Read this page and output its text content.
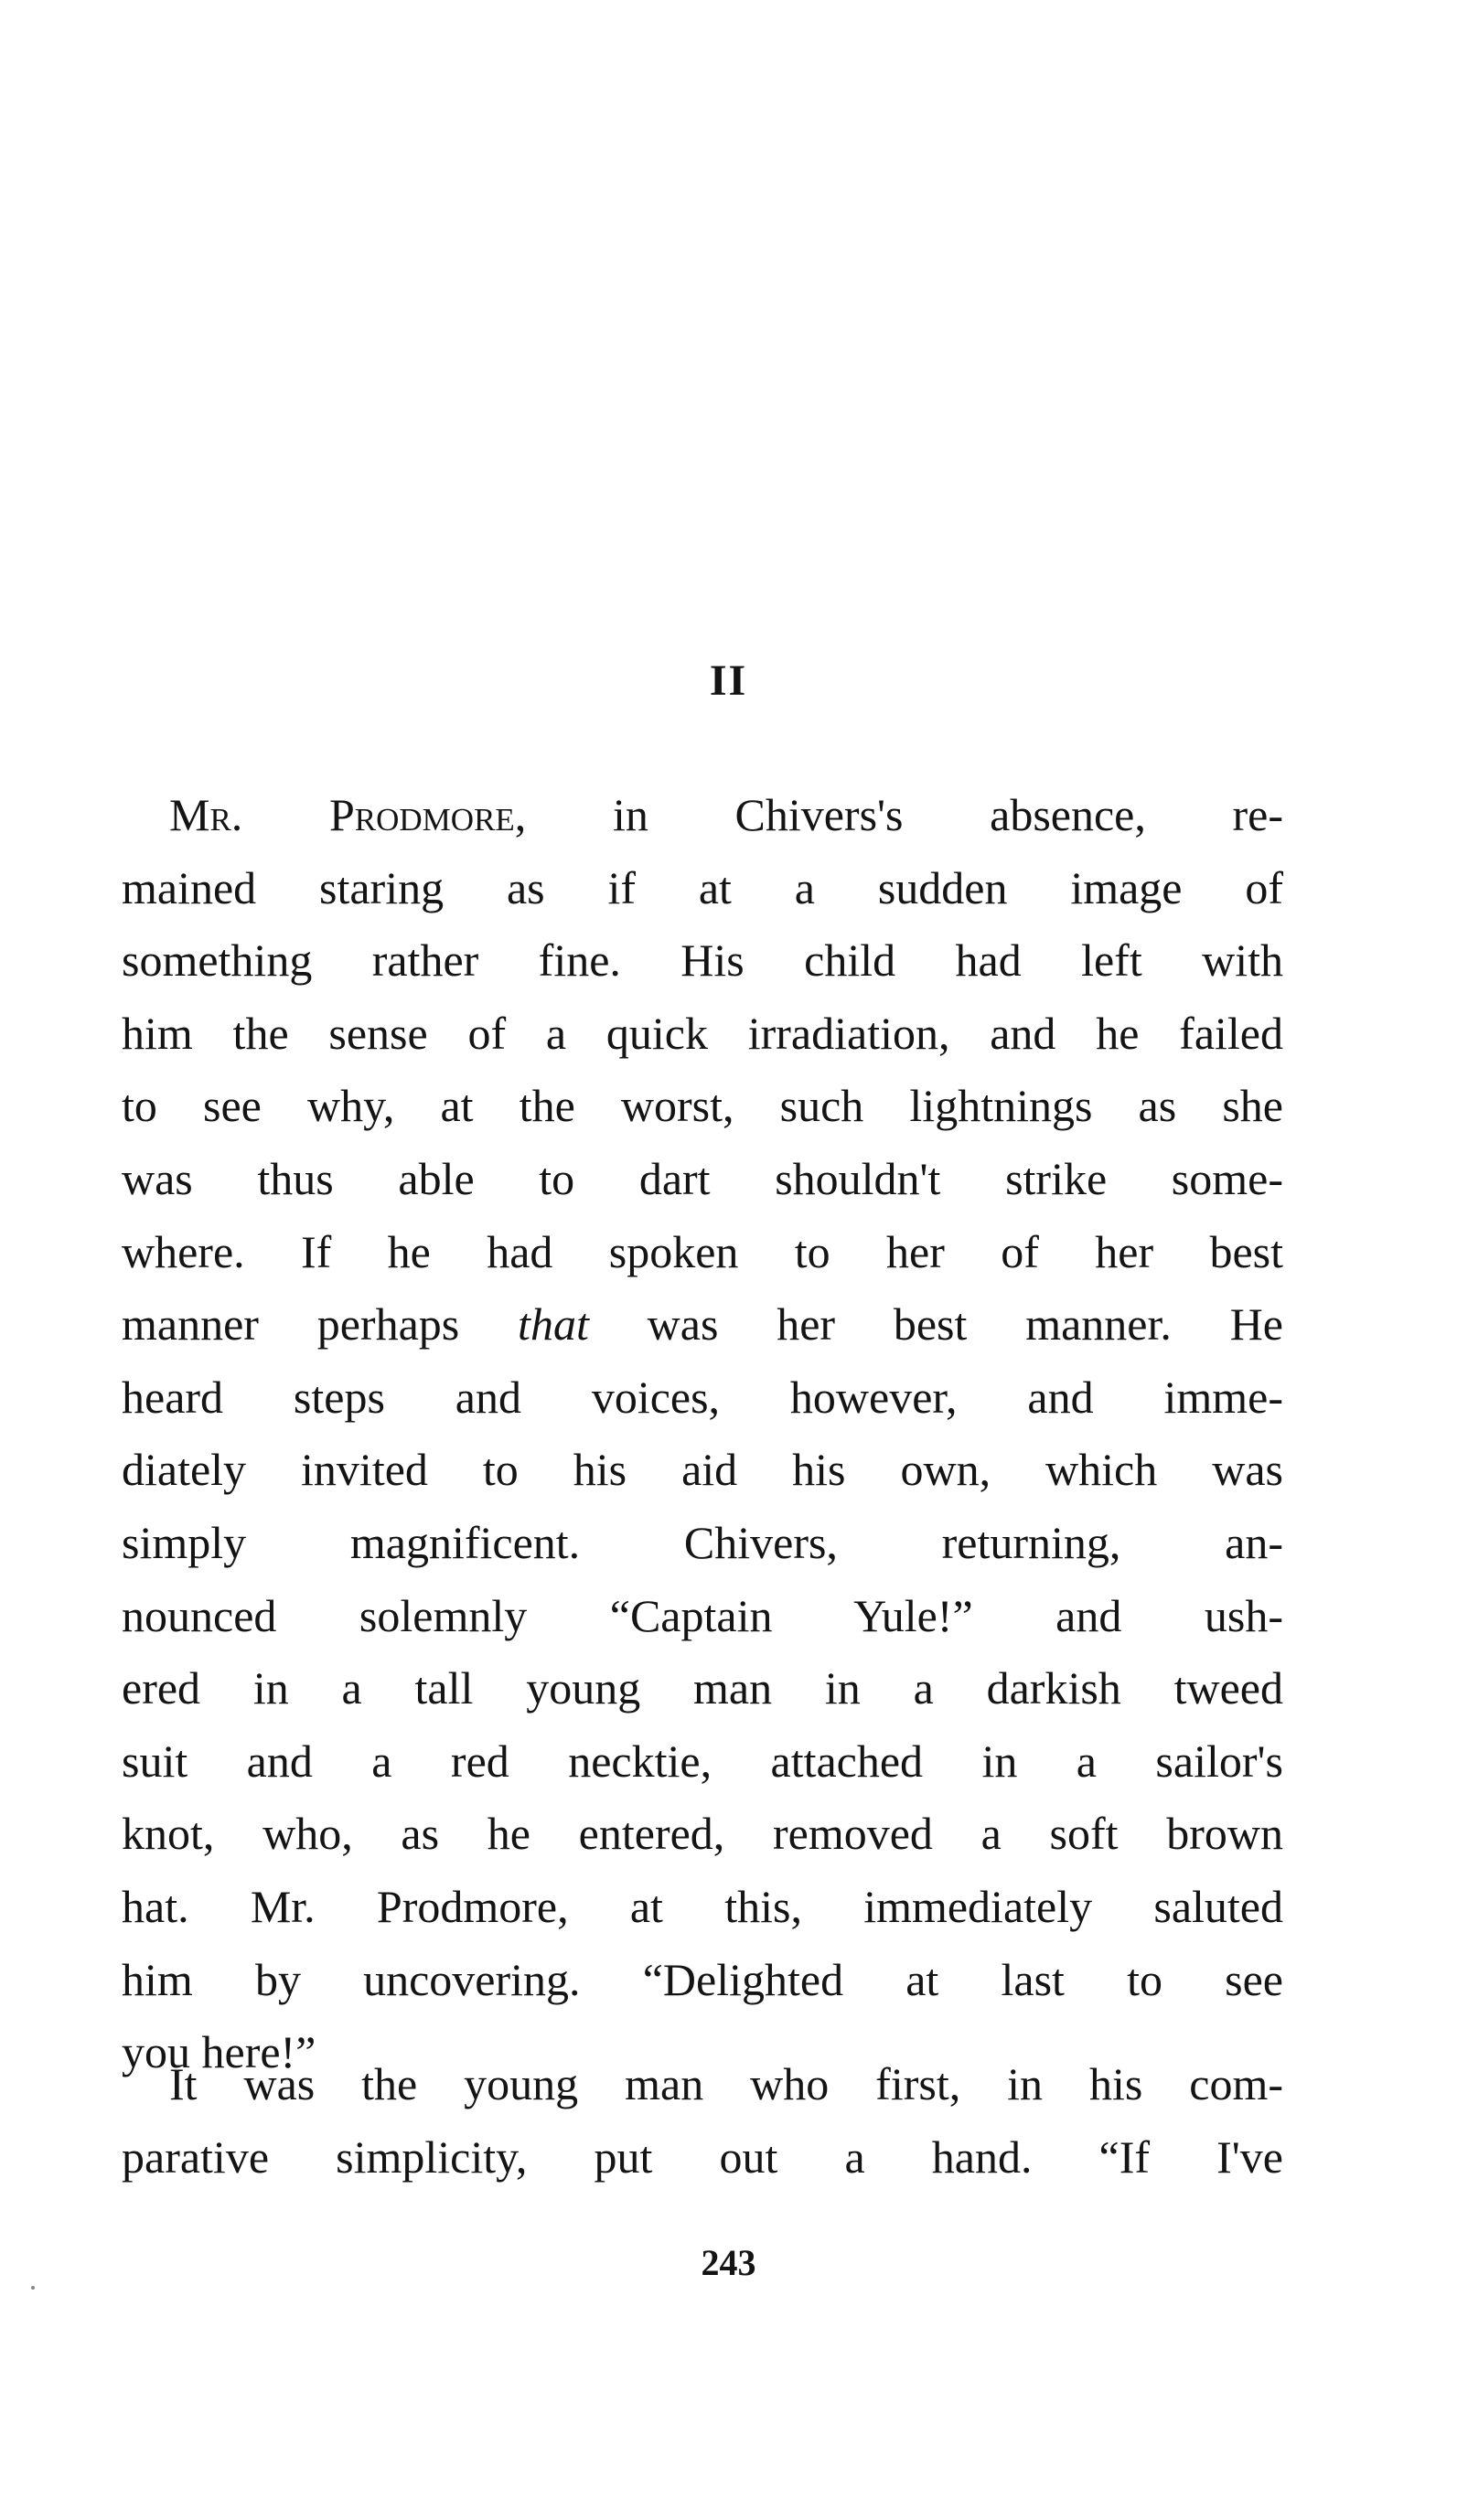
II
Mr. Prodmore, in Chivers's absence, re-
mained staring as if at a sudden image of
something rather fine. His child had left with
him the sense of a quick irradiation, and he failed
to see why, at the worst, such lightnings as she
was thus able to dart shouldn't strike some-
where. If he had spoken to her of her best
manner perhaps that was her best manner. He
heard steps and voices, however, and imme-
diately invited to his aid his own, which was
simply magnificent. Chivers, returning, an-
nounced solemnly “Captain Yule!” and ush-
ered in a tall young man in a darkish tweed
suit and a red necktie, attached in a sailor's
knot, who, as he entered, removed a soft brown
hat. Mr. Prodmore, at this, immediately saluted
him by uncovering. “Delighted at last to see
you here!”
It was the young man who first, in his com-
parative simplicity, put out a hand. “If I've
243
